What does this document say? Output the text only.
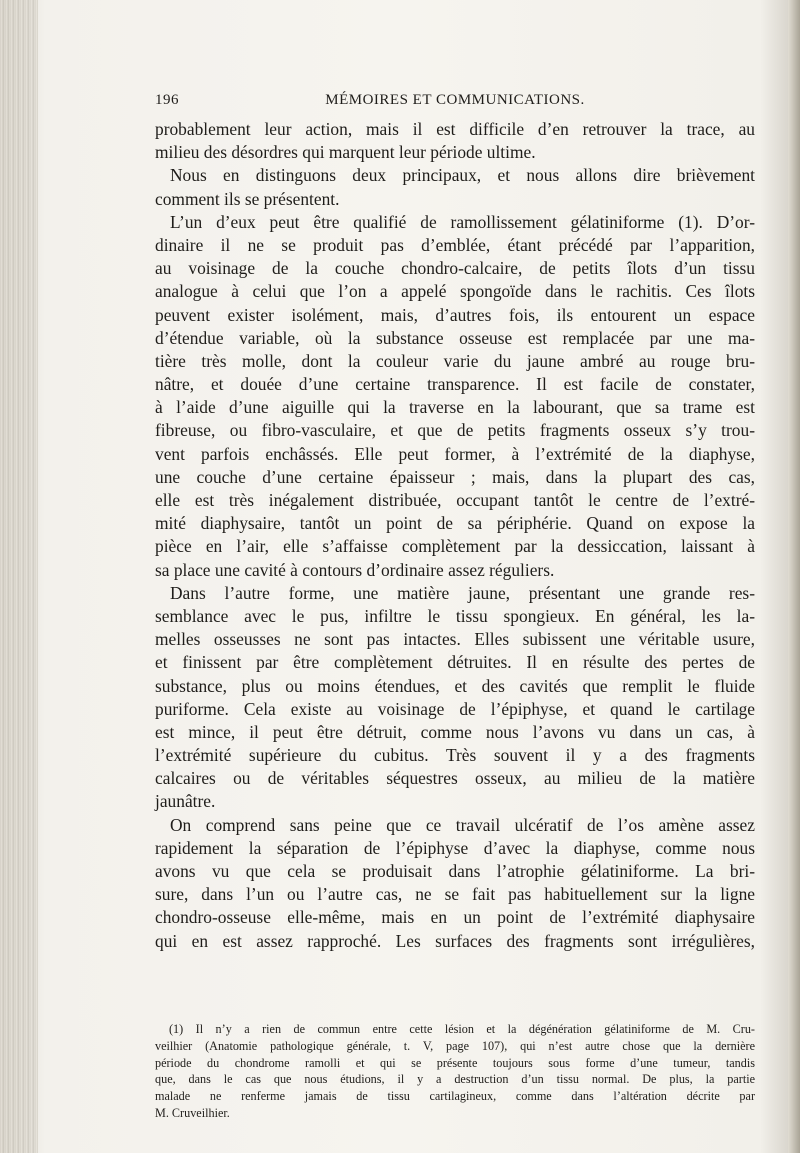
196	MÉMOIRES ET COMMUNICATIONS.
probablement leur action, mais il est difficile d’en retrouver la trace, au
milieu des désordres qui marquent leur période ultime.
Nous en distinguons deux principaux, et nous allons dire brièvement
comment ils se présentent.
L’un d’eux peut être qualifié de ramollissement gélatiniforme (1). D’or-
dinaire il ne se produit pas d’emblée, étant précédé par l’apparition,
au voisinage de la couche chondro-calcaire, de petits îlots d’un tissu
analogue à celui que l’on a appelé spongoïde dans le rachitis. Ces îlots
peuvent exister isolément, mais, d’autres fois, ils entourent un espace
d’étendue variable, où la substance osseuse est remplacée par une ma-
tière très molle, dont la couleur varie du jaune ambré au rouge bru-
nâtre, et douée d’une certaine transparence. Il est facile de constater,
à l’aide d’une aiguille qui la traverse en la labourant, que sa trame est
fibreuse, ou fibro-vasculaire, et que de petits fragments osseux s’y trou-
vent parfois enchâssés. Elle peut former, à l’extrémité de la diaphyse,
une couche d’une certaine épaisseur ; mais, dans la plupart des cas,
elle est très inégalement distribuée, occupant tantôt le centre de l’extré-
mité diaphysaire, tantôt un point de sa périphérie. Quand on expose la
pièce en l’air, elle s’affaisse complètement par la dessiccation, laissant à
sa place une cavité à contours d’ordinaire assez réguliers.
Dans l’autre forme, une matière jaune, présentant une grande res-
semblance avec le pus, infiltre le tissu spongieux. En général, les la-
melles osseusses ne sont pas intactes. Elles subissent une véritable usure,
et finissent par être complètement détruites. Il en résulte des pertes de
substance, plus ou moins étendues, et des cavités que remplit le fluide
puriforme. Cela existe au voisinage de l’épiphyse, et quand le cartilage
est mince, il peut être détruit, comme nous l’avons vu dans un cas, à
l’extrémité supérieure du cubitus. Très souvent il y a des fragments
calcaires ou de véritables séquestres osseux, au milieu de la matière
jaunâtre.
On comprend sans peine que ce travail ulcératif de l’os amène assez
rapidement la séparation de l’épiphyse d’avec la diaphyse, comme nous
avons vu que cela se produisait dans l’atrophie gélatiniforme. La bri-
sure, dans l’un ou l’autre cas, ne se fait pas habituellement sur la ligne
chondro-osseuse elle-même, mais en un point de l’extrémité diaphysaire
qui en est assez rapproché. Les surfaces des fragments sont irrégulières,
(1) Il n’y a rien de commun entre cette lésion et la dégénération gélatiniforme de M. Cru-
veilhier (Anatomie pathologique générale, t. V, page 107), qui n’est autre chose que la dernière
période du chondrome ramolli et qui se présente toujours sous forme d’une tumeur, tandis
que, dans le cas que nous étudions, il y a destruction d’un tissu normal. De plus, la partie
malade ne renferme jamais de tissu cartilagineux, comme dans l’altération décrite par
M. Cruveilhier.
